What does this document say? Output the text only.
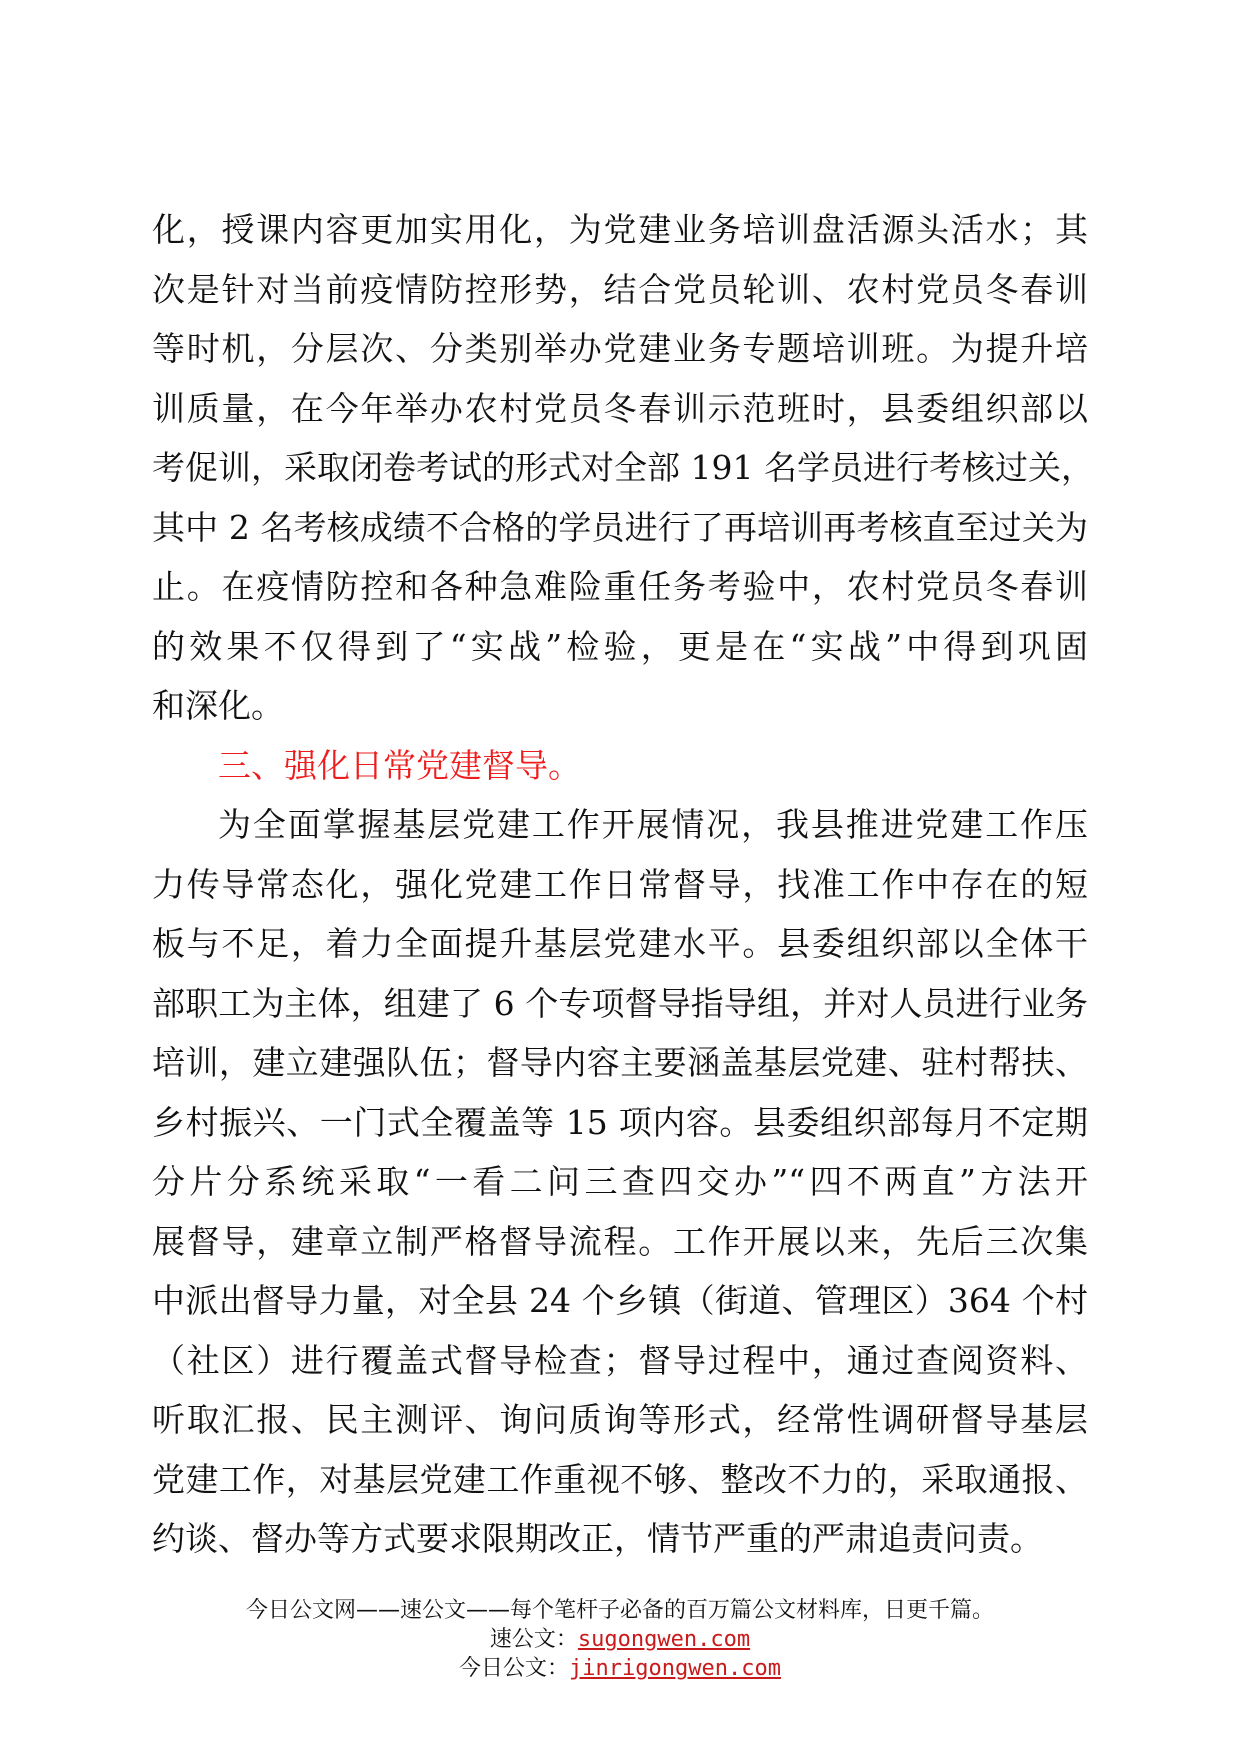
化，授课内容更加实用化，为党建业务培训盘活源头活水；其
次是针对当前疫情防控形势，结合党员轮训、农村党员冬春训
等时机，分层次、分类别举办党建业务专题培训班。为提升培
训质量，在今年举办农村党员冬春训示范班时，县委组织部以
考促训，采取闭卷考试的形式对全部 191 名学员进行考核过关，
其中 2 名考核成绩不合格的学员进行了再培训再考核直至过关为
止。在疫情防控和各种急难险重任务考验中，农村党员冬春训
的效果不仅得到了“实战”检验，更是在“实战”中得到巩固
和深化。
三、强化日常党建督导。
为全面掌握基层党建工作开展情况，我县推进党建工作压
力传导常态化，强化党建工作日常督导，找准工作中存在的短
板与不足，着力全面提升基层党建水平。县委组织部以全体干
部职工为主体，组建了 6 个专项督导指导组，并对人员进行业务
培训，建立建强队伍；督导内容主要涵盖基层党建、驻村帮扶、
乡村振兴、一门式全覆盖等 15 项内容。县委组织部每月不定期
分片分系统采取“一看二问三查四交办”“四不两直”方法开
展督导，建章立制严格督导流程。工作开展以来，先后三次集
中派出督导力量，对全县 24 个乡镇（街道、管理区）364 个村
（社区）进行覆盖式督导检查；督导过程中，通过查阅资料、
听取汇报、民主测评、询问质询等形式，经常性调研督导基层
党建工作，对基层党建工作重视不够、整改不力的，采取通报、
约谈、督办等方式要求限期改正，情节严重的严肃追责问责。
今日公文网——速公文——每个笔杆子必备的百万篇公文材料库，日更千篇。
速公文：sugongwen.com
今日公文：jinrigongwen.com
